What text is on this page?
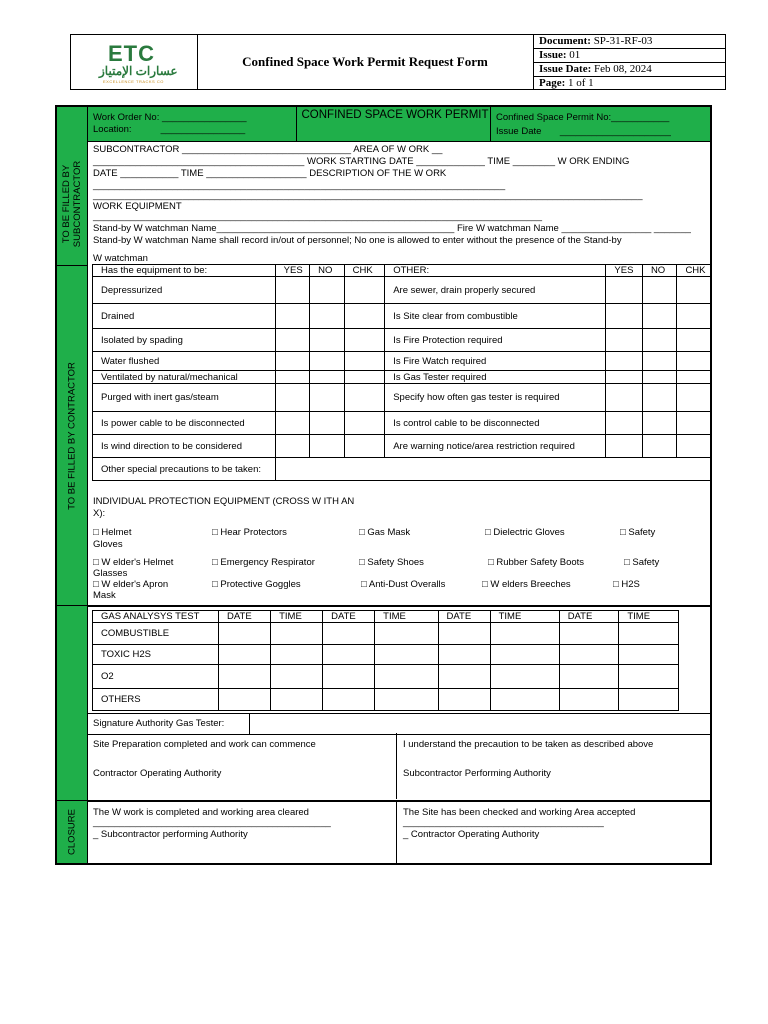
ETC
عسارات الإمتياز
EXCELLENCE TRACKS CO
Confined Space Work Permit Request Form
Document: SP-31-RF-03
Issue: 01
Issue Date: Feb 08, 2024
Page: 1 of 1
TO BE FILLED BY
SUBCONTRACTOR
TO BE FILLED BY CONTRACTOR
CLOSURE
Work Order No: ________________
Location:           ________________
CONFINED SPACE WORK PERMIT Confined Space Permit No:___________
Issue Date       _____________________
SUBCONTRACTOR ________________________________ AREA OF W ORK __
________________________________________ WORK STARTING DATE _____________ TIME ________ W ORK ENDING
DATE ___________ TIME ___________________ DESCRIPTION OF THE W ORK
______________________________________________________________________________
________________________________________________________________________________________________________
WORK EQUIPMENT
_____________________________________________________________________________________
Stand-by W watchman Name_____________________________________________ Fire W watchman Name _________________ _______
Stand-by W watchman Name shall record in/out of personnel; No one is allowed to enter without the presence of the Stand-by
W watchman
Has the equipment to be:	YES	NO	CHK	OTHER:	YES	NO	CHK
Depressurized				Are sewer, drain properly secured			
Drained				Is Site clear from combustible			
Isolated by spading				Is Fire Protection required			
Water flushed				Is Fire Watch required			
Ventilated by natural/mechanical				Is Gas Tester required			
Purged with inert gas/steam				Specify how often gas tester is required			
Is power cable to be disconnected				Is control cable to be disconnected			
Is wind direction to be considered				Are warning notice/area restriction required			
Other special precautions to be taken:							
INDIVIDUAL PROTECTION EQUIPMENT (CROSS W ITH AN
X):
□ Helmet	□ Hear Protectors	□ Gas Mask	□ Dielectric Gloves	□ Safety
Gloves
□ W elder's Helmet	□ Emergency Respirator	□ Safety Shoes	□ Rubber Safety Boots	□ Safety
Glasses
□ W elder's Apron	□ Protective Goggles	□ Anti-Dust Overalls	□ W elders Breeches	□ H2S
Mask
GAS ANALYSYS TEST	DATE	TIME	DATE	TIME	DATE	TIME	DATE	TIME
COMBUSTIBLE								
TOXIC H2S								
O2								
OTHERS								
Signature Authority Gas Tester:
Site Preparation completed and work can commence
Contractor Operating Authority
I understand the precaution to be taken as described above
Subcontractor Performing Authority
The W work is completed and working area cleared
_____________________________________________
_ Subcontractor performing Authority
The Site has been checked and working Area accepted
______________________________________
_ Contractor Operating Authority
